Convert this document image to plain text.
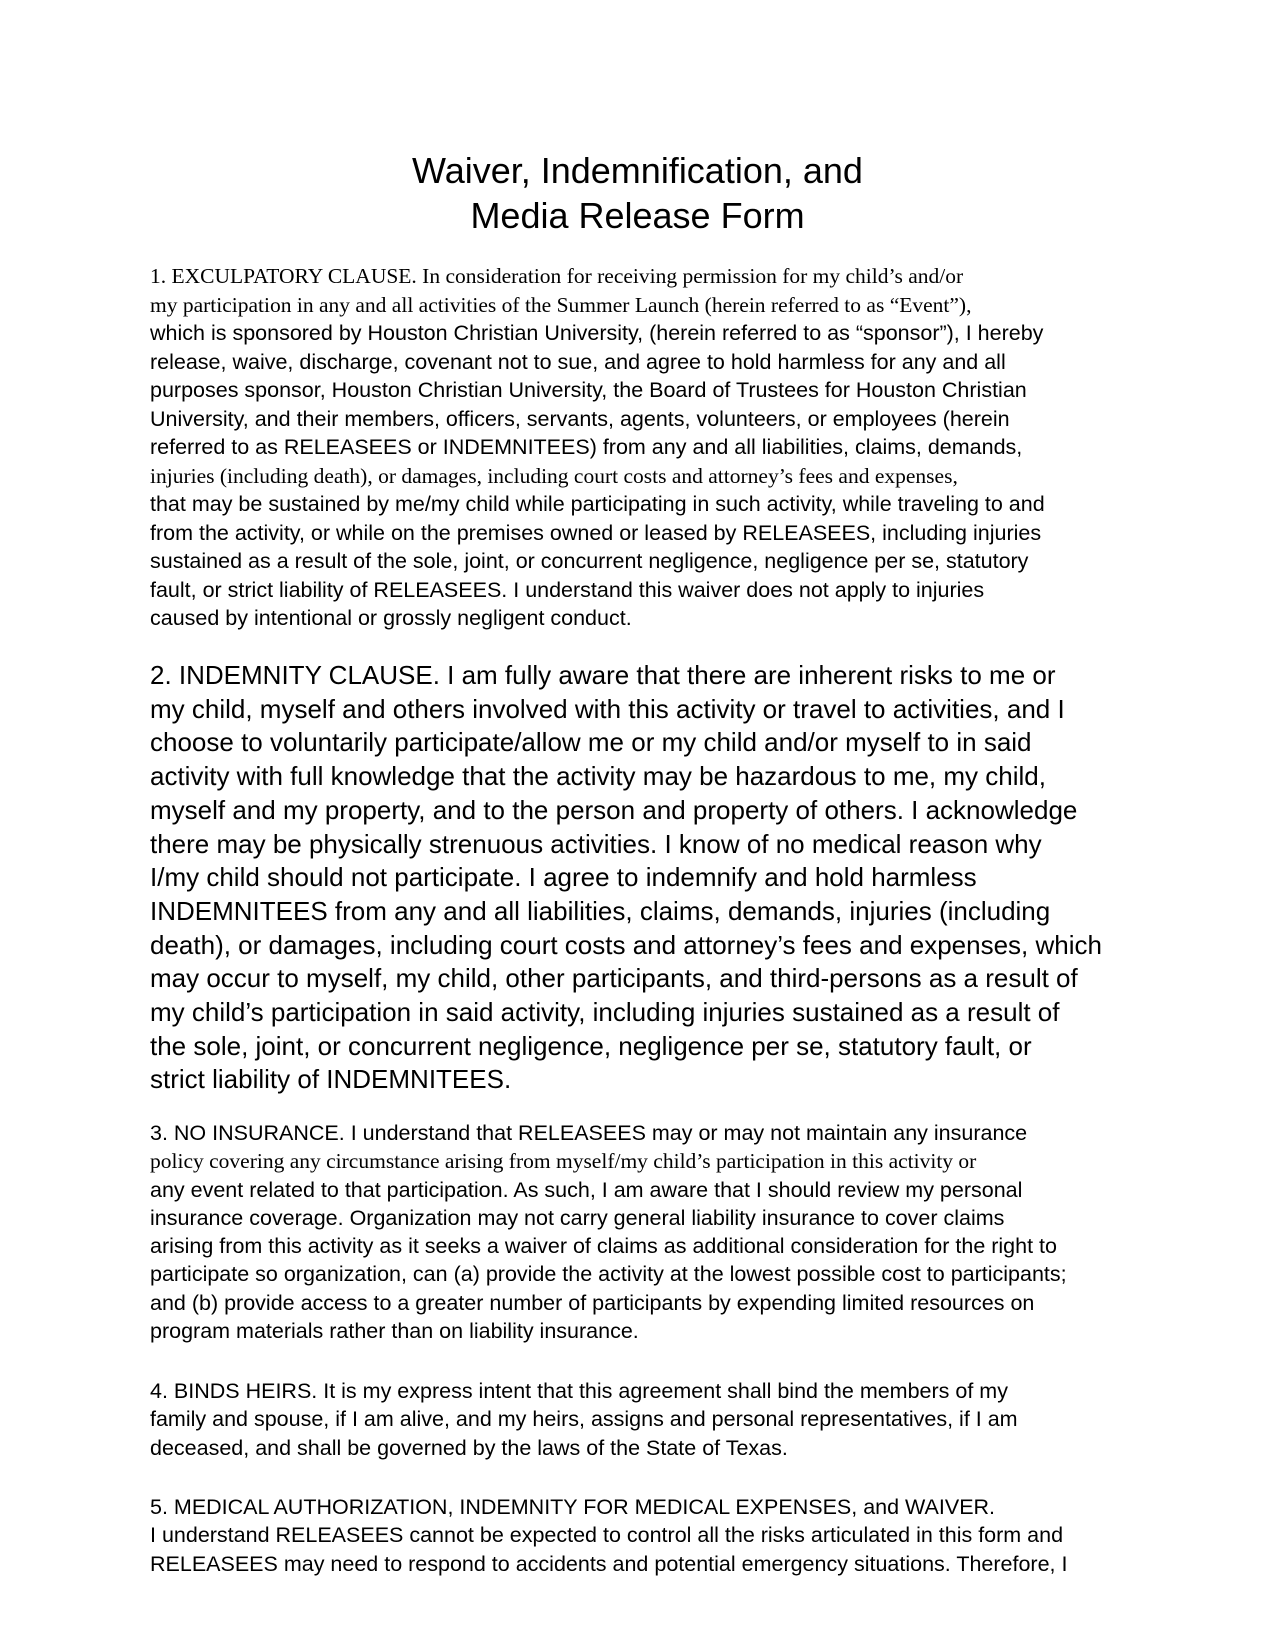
Waiver, Indemnification, and
Media Release Form
1. EXCULPATORY CLAUSE. In consideration for receiving permission for my child’s and/or
my participation in any and all activities of the Summer Launch (herein referred to as “Event”),
which is sponsored by Houston Christian University, (herein referred to as “sponsor”), I hereby
release, waive, discharge, covenant not to sue, and agree to hold harmless for any and all
purposes sponsor, Houston Christian University, the Board of Trustees for Houston Christian
University, and their members, officers, servants, agents, volunteers, or employees (herein
referred to as RELEASEES or INDEMNITEES) from any and all liabilities, claims, demands,
injuries (including death), or damages, including court costs and attorney’s fees and expenses,
that may be sustained by me/my child while participating in such activity, while traveling to and
from the activity, or while on the premises owned or leased by RELEASEES, including injuries
sustained as a result of the sole, joint, or concurrent negligence, negligence per se, statutory
fault, or strict liability of RELEASEES. I understand this waiver does not apply to injuries
caused by intentional or grossly negligent conduct.
2. INDEMNITY CLAUSE. I am fully aware that there are inherent risks to me or
my child, myself and others involved with this activity or travel to activities, and I
choose to voluntarily participate/allow me or my child and/or myself to in said
activity with full knowledge that the activity may be hazardous to me, my child,
myself and my property, and to the person and property of others. I acknowledge
there may be physically strenuous activities. I know of no medical reason why
I/my child should not participate. I agree to indemnify and hold harmless
INDEMNITEES from any and all liabilities, claims, demands, injuries (including
death), or damages, including court costs and attorney’s fees and expenses, which
may occur to myself, my child, other participants, and third-persons as a result of
my child’s participation in said activity, including injuries sustained as a result of
the sole, joint, or concurrent negligence, negligence per se, statutory fault, or
strict liability of INDEMNITEES.
3. NO INSURANCE. I understand that RELEASEES may or may not maintain any insurance
policy covering any circumstance arising from myself/my child’s participation in this activity or
any event related to that participation. As such, I am aware that I should review my personal
insurance coverage. Organization may not carry general liability insurance to cover claims
arising from this activity as it seeks a waiver of claims as additional consideration for the right to
participate so organization, can (a) provide the activity at the lowest possible cost to participants;
and (b) provide access to a greater number of participants by expending limited resources on
program materials rather than on liability insurance.
4. BINDS HEIRS. It is my express intent that this agreement shall bind the members of my
family and spouse, if I am alive, and my heirs, assigns and personal representatives, if I am
deceased, and shall be governed by the laws of the State of Texas.
5. MEDICAL AUTHORIZATION, INDEMNITY FOR MEDICAL EXPENSES, and WAIVER.
I understand RELEASEES cannot be expected to control all the risks articulated in this form and
RELEASEES may need to respond to accidents and potential emergency situations. Therefore, I
